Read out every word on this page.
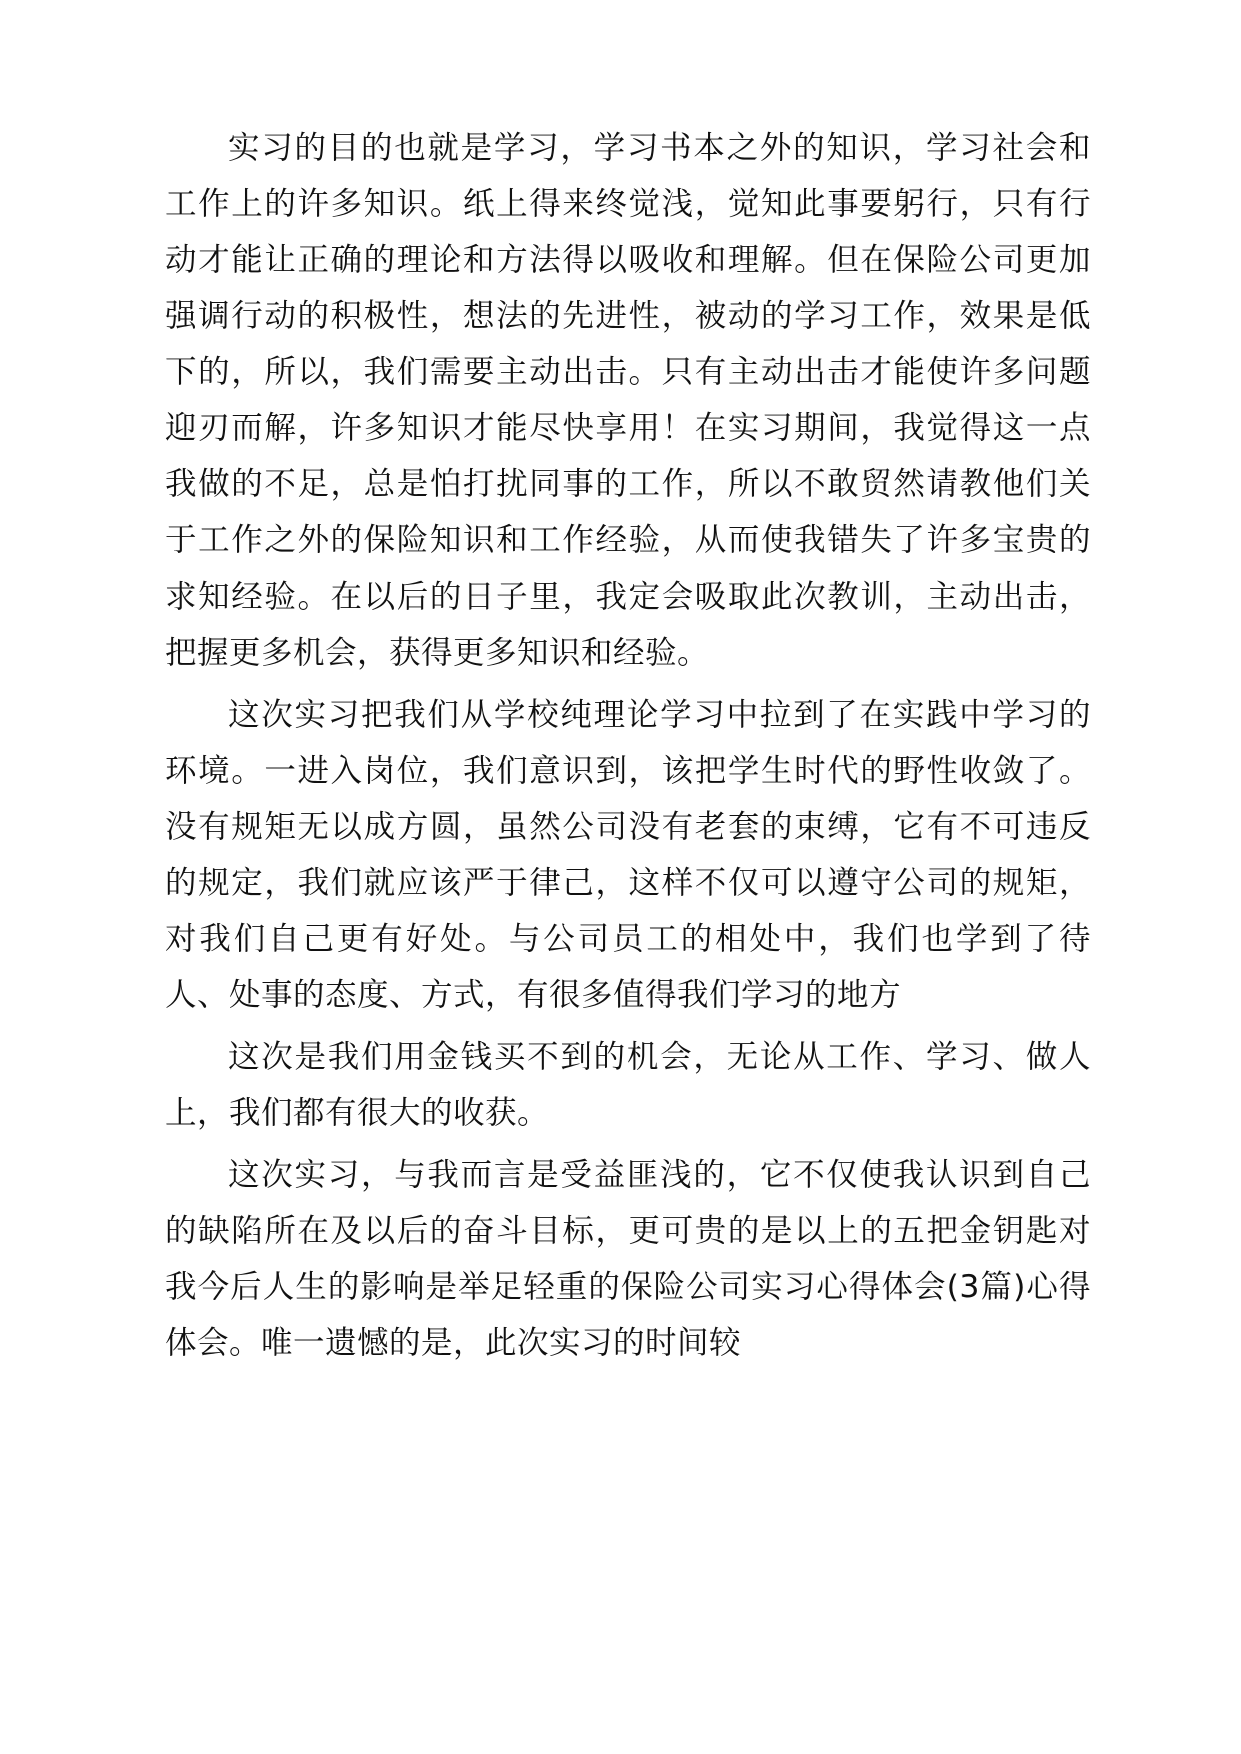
实习的目的也就是学习，学习书本之外的知识，学习社会和工作上的许多知识。纸上得来终觉浅，觉知此事要躬行，只有行动才能让正确的理论和方法得以吸收和理解。但在保险公司更加强调行动的积极性，想法的先进性，被动的学习工作，效果是低下的，所以，我们需要主动出击。只有主动出击才能使许多问题迎刃而解，许多知识才能尽快享用！在实习期间，我觉得这一点我做的不足，总是怕打扰同事的工作，所以不敢贸然请教他们关于工作之外的保险知识和工作经验，从而使我错失了许多宝贵的求知经验。在以后的日子里，我定会吸取此次教训，主动出击，把握更多机会，获得更多知识和经验。

这次实习把我们从学校纯理论学习中拉到了在实践中学习的环境。一进入岗位，我们意识到，该把学生时代的野性收敛了。没有规矩无以成方圆，虽然公司没有老套的束缚，它有不可违反的规定，我们就应该严于律己，这样不仅可以遵守公司的规矩，对我们自己更有好处。与公司员工的相处中，我们也学到了待人、处事的态度、方式，有很多值得我们学习的地方

这次是我们用金钱买不到的机会，无论从工作、学习、做人上，我们都有很大的收获。

这次实习，与我而言是受益匪浅的，它不仅使我认识到自己的缺陷所在及以后的奋斗目标，更可贵的是以上的五把金钥匙对我今后人生的影响是举足轻重的保险公司实习心得体会(3篇)心得体会。唯一遗憾的是，此次实习的时间较
